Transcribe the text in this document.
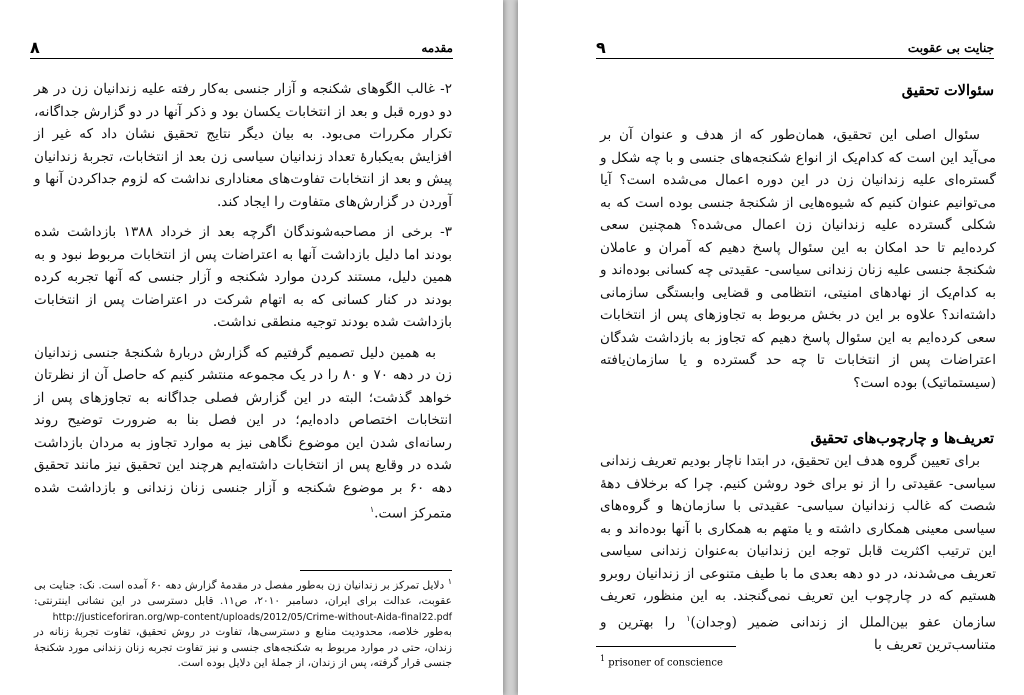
مقدمه
۸

۲- غالب الگوهای شکنجه و آزار جنسی به‌کار رفته علیه زندانیان زن در هر دو دوره قبل و بعد از انتخابات یکسان بود و ذکر آنها در دو گزارش جداگانه، تکرار مکررات می‌بود. به بیان دیگر نتایج تحقیق نشان داد که غیر از افزایش به‌یکبارهٔ تعداد زندانیان سیاسی زن بعد از انتخابات، تجربهٔ زندانیان پیش و بعد از انتخابات تفاوت‌های معناداری نداشت که لزوم جداکردن آنها و آوردن در گزارش‌های متفاوت را ایجاد کند.

۳- برخی از مصاحبه‌شوندگان اگرچه بعد از خرداد ۱۳۸۸ بازداشت شده بودند اما دلیل بازداشت آنها به اعتراضات پس از انتخابات مربوط نبود و به همین دلیل، مستند کردن موارد شکنجه و آزار جنسی که آنها تجربه کرده بودند در کنار کسانی که به اتهام شرکت در اعتراضات پس از انتخابات بازداشت شده بودند توجیه منطقی نداشت.

به همین دلیل تصمیم گرفتیم که گزارش دربارهٔ شکنجهٔ جنسی زندانیان زن در دهه ۷۰ و ۸۰ را در یک مجموعه منتشر کنیم که حاصل آن از نظرتان خواهد گذشت؛ البته در این گزارش فصلی جداگانه به تجاوزهای پس از انتخابات اختصاص داده‌ایم؛ در این فصل بنا به ضرورت توضیح روند رسانه‌ای شدن این موضوع نگاهی نیز به موارد تجاوز به مردان بازداشت شده در وقایع پس از انتخابات داشته‌ایم هرچند این تحقیق نیز مانند تحقیق دهه ۶۰ بر موضوع شکنجه و آزار جنسی زنان زندانی و بازداشت شده متمرکز است.$^۱$

$^۱$ دلایل تمرکز بر زندانیان زن به‌طور مفصل در مقدمهٔ گزارش دهه ۶۰ آمده است. نک: جنایت بی عقوبت، عدالت برای ایران، دسامبر ۲۰۱۰، ص۱۱. قابل دسترسی در این نشانی اینترنتی: http://justiceforiran.org/wp-content/uploads/2012/05/Crime-without-Aida-final22.pdf به‌طور خلاصه، محدودیت منابع و دسترسی‌ها، تفاوت در روش تحقیق، تفاوت تجربهٔ زنانه در زندان، حتی در موارد مربوط به شکنجه‌های جنسی و نیز تفاوت تجربه زنان زندانی مورد شکنجهٔ جنسی قرار گرفته، پس از زندان، از جملهٔ این دلایل بوده است.
جنایت بی عقوبت
۹
سئوالات تحقیق

سئوال اصلی این تحقیق، همان‌طور که از هدف و عنوان آن بر می‌آید این است که کدام‌یک از انواع شکنجه‌های جنسی و با چه شکل و گستره‌ای علیه زندانیان زن در این دوره اعمال می‌شده است؟ آیا می‌توانیم عنوان کنیم که شیوه‌هایی از شکنجهٔ جنسی بوده است که به شکلی گسترده علیه زندانیان زن اعمال می‌شده؟ همچنین سعی کرده‌ایم تا حد امکان به این سئوال پاسخ دهیم که آمران و عاملان شکنجهٔ جنسی علیه زنان زندانی سیاسی- عقیدتی چه کسانی بوده‌اند و به کدام‌یک از نهادهای امنیتی، انتظامی و قضایی وابستگی سازمانی داشته‌اند؟ علاوه بر این در بخش مربوط به تجاوزهای پس از انتخابات سعی کرده‌ایم به این سئوال پاسخ دهیم که تجاوز به بازداشت شدگان اعتراضات پس از انتخابات تا چه حد گسترده و یا سازمان‌یافته (سیستماتیک) بوده است؟

تعریف‌ها و چارچوب‌های تحقیق

برای تعیین گروه هدف این تحقیق، در ابتدا ناچار بودیم تعریف زندانی سیاسی- عقیدتی را از نو برای خود روشن کنیم. چرا که برخلاف دههٔ شصت که غالب زندانیان سیاسی- عقیدتی با سازمان‌ها و گروه‌های سیاسی معینی همکاری داشته و یا متهم به همکاری با آنها بوده‌اند و به این ترتیب اکثریت قابل توجه این زندانیان به‌عنوان زندانی سیاسی تعریف می‌شدند، در دو دهه بعدی ما با طیف متنوعی از زندانیان روبرو هستیم که در چارچوب این تعریف نمی‌گنجند. به این منظور، تعریف سازمان عفو بین‌الملل از زندانی ضمیر (وجدان)$^۱$ را بهترین و متناسب‌ترین تعریف با

$^1$ prisoner of conscience
